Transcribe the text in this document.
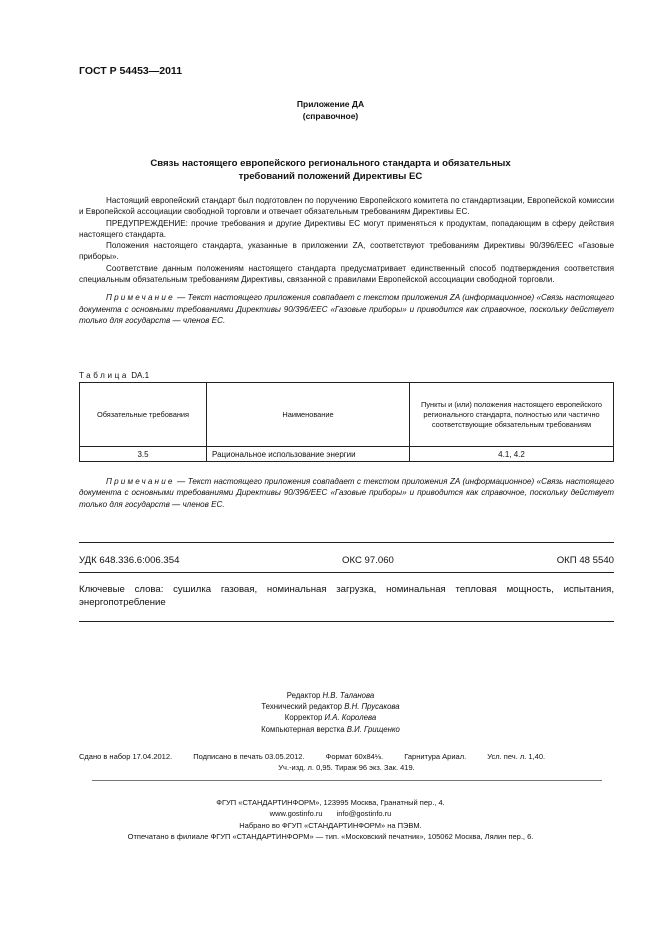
ГОСТ Р 54453—2011
Приложение ДА
(справочное)
Связь настоящего европейского регионального стандарта и обязательных
требований положений Директивы ЕС

Настоящий европейский стандарт был подготовлен по поручению Европейского комитета по стандартизации, Европейской комиссии и Европейской ассоциации свободной торговли и отвечает обязательным требованиям Директивы ЕС.

ПРЕДУПРЕЖДЕНИЕ: прочие требования и другие Директивы ЕС могут применяться к продуктам, попадающим в сферу действия настоящего стандарта.

Положения настоящего стандарта, указанные в приложении ZA, соответствуют требованиям Директивы 90/396/EEC «Газовые приборы».

Соответствие данным положениям настоящего стандарта предусматривает единственный способ подтверждения соответствия специальным обязательным требованиям Директивы, связанной с правилами Европейской ассоциации свободной торговли.

Примечание — Текст настоящего приложения совпадает с текстом приложения ZA (информационное) «Связь настоящего документа с основными требованиями Директивы 90/396/EEC «Газовые приборы» и приводится как справочное, поскольку действует только для государств — членов ЕС.

Таблица DA.1
Обязательные требования	Наименование	Пункты и (или) положения настоящего европейского регионального стандарта, полностью или частично соответствующие обязательным требованиям
3.5	Рациональное использование энергии	4.1, 4.2
Примечание — Текст настоящего приложения совпадает с текстом приложения ZA (информационное) «Связь настоящего документа с основными требованиями Директивы 90/396/EEC «Газовые приборы» и приводится как справочное, поскольку действует только для государств — членов ЕС.
УДК 648.336.6:006.354	ОКС 97.060	ОКП 48 5540
Ключевые слова: сушилка газовая, номинальная загрузка, номинальная тепловая мощность, испытания, энергопотребление
Редактор Н.В. Таланова
Технический редактор В.Н. Прусакова
Корректор И.А. Королева
Компьютерная верстка В.И. Грищенко
Сдано в набор 17.04.2012.	Подписано в печать 03.05.2012.	Формат 60х84⅛.	Гарнитура Ариал.	Усл. печ. л. 1,40.
Уч.-изд. л. 0,95. Тираж 96 экз. Зак. 419.
ФГУП «СТАНДАРТИНФОРМ», 123995 Москва, Гранатный пер., 4.
www.gostinfo.ru info@gostinfo.ru
Набрано во ФГУП «СТАНДАРТИНФОРМ» на ПЭВМ.
Отпечатано в филиале ФГУП «СТАНДАРТИНФОРМ» — тип. «Московский печатник», 105062 Москва, Лялин пер., 6.
